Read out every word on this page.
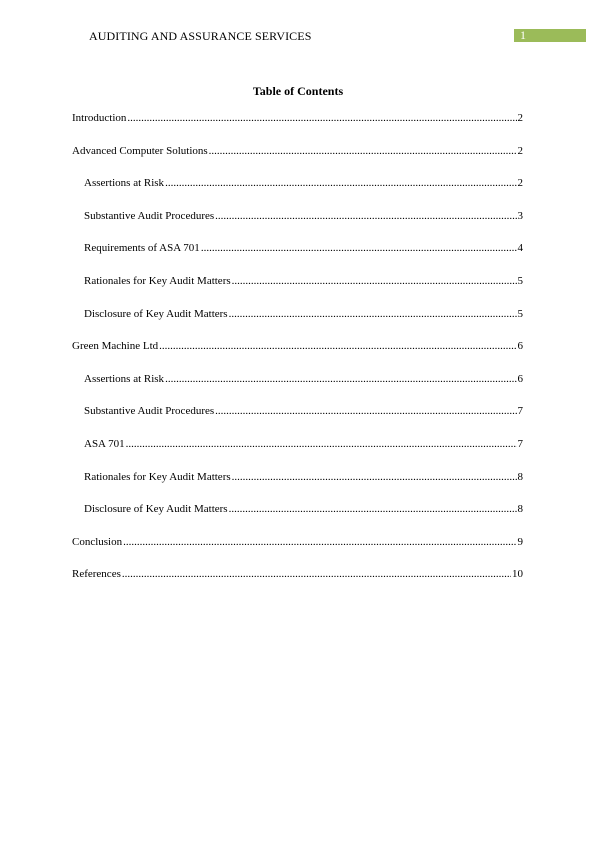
AUDITING AND ASSURANCE SERVICES	1
Table of Contents
Introduction .....	2
Advanced Computer Solutions .....	2
Assertions at Risk .....	2
Substantive Audit Procedures .....	3
Requirements of ASA 701 .....	4
Rationales for Key Audit Matters .....	5
Disclosure of Key Audit Matters .....	5
Green Machine Ltd .....	6
Assertions at Risk .....	6
Substantive Audit Procedures .....	7
ASA 701 .....	7
Rationales for Key Audit Matters .....	8
Disclosure of Key Audit Matters .....	8
Conclusion .....	9
References .....	10
